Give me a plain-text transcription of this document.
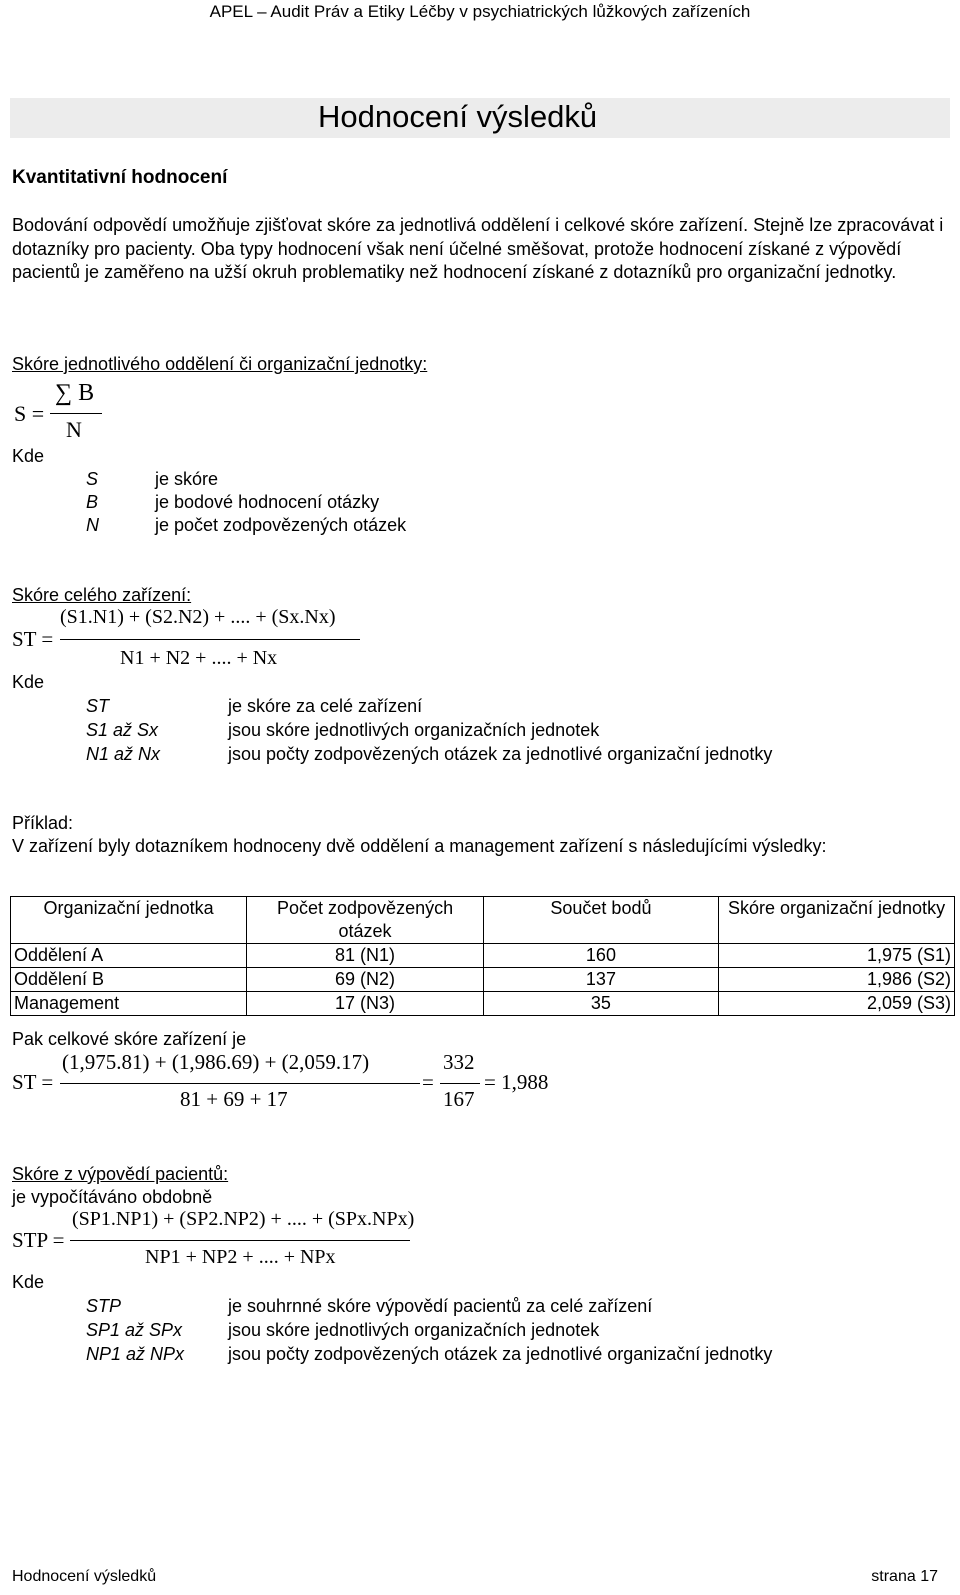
APEL – Audit Práv a Etiky Léčby v psychiatrických lůžkových zařízeních
Hodnocení výsledků
Kvantitativní hodnocení
Bodování odpovědí umožňuje zjišťovat skóre za jednotlivá oddělení i celkové skóre zařízení. Stejně lze zpracovávat i dotazníky pro pacienty. Oba typy hodnocení však není účelné směšovat, protože hodnocení získané z výpovědí pacientů je zaměřeno na užší okruh problematiky než hodnocení získané z dotazníků pro organizační jednotky.
Skóre jednotlivého oddělení či organizační jednotky:
S =
∑ B
N
Kde
S	je skóre
B	je bodové hodnocení otázky
N	je počet zodpovězených otázek
Skóre celého zařízení:
ST =
(S1.N1) + (S2.N2) + .... + (Sx.Nx)
N1 + N2 + .... + Nx
Kde
ST	je skóre za celé zařízení
S1 až Sx	jsou skóre jednotlivých organizačních jednotek
N1 až Nx	jsou počty zodpovězených otázek za jednotlivé organizační jednotky
Příklad:
V zařízení byly dotazníkem hodnoceny dvě oddělení a management zařízení s následujícími výsledky:
Organizační jednotka	Počet zodpovězených otázek	Součet bodů	Skóre organizační jednotky
Oddělení A	81 (N1)	160	1,975 (S1)
Oddělení B	69 (N2)	137	1,986 (S2)
Management	17 (N3)	35	2,059 (S3)
Pak celkové skóre zařízení je
ST =
(1,975.81) + (1,986.69) + (2,059.17)
81 + 69 + 17
=
332
167
= 1,988
Skóre z výpovědí pacientů:
je vypočítáváno obdobně
STP =
(SP1.NP1) + (SP2.NP2) + .... + (SPx.NPx)
NP1 + NP2 + .... + NPx
Kde
STP	je souhrnné skóre výpovědí pacientů za celé zařízení
SP1 až SPx	jsou skóre jednotlivých organizačních jednotek
NP1 až NPx jsou počty zodpovězených otázek za jednotlivé organizační jednotky
Hodnocení výsledků	strana 17
